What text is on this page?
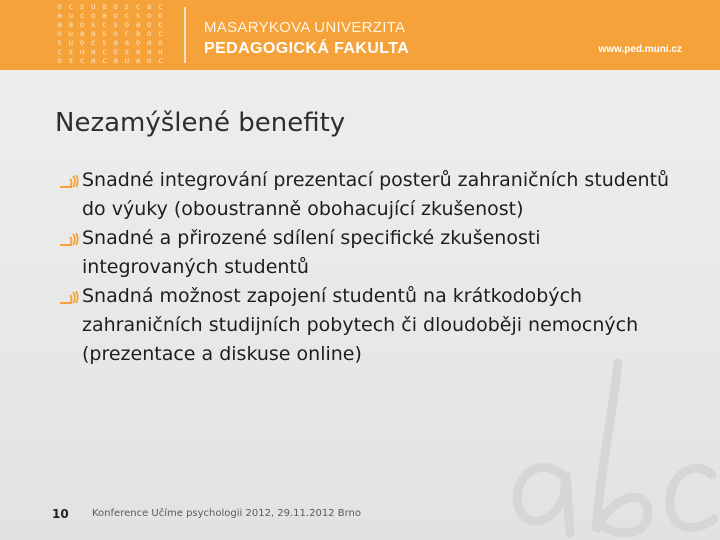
o c s u a o s c a c
a u c o a u c s o o
a a o s c s o a o c
o u a a s o c a o c
s u o c s a a o a o
c s u a c o s a a u
o s c a c a u a o c
MASARYKOVA UNIVERZITA
PEDAGOGICKÁ FAKULTA	www.ped.muni.cz
Nezamýšlené benefity
Snadné integrování prezentací posterů zahraničních studentů do výuky (oboustranně obohacující zkušenost)
Snadné a přirozené sdílení specifické zkušenosti integrovaných studentů
Snadná možnost zapojení studentů na krátkodobých zahraničních studijních pobytech či dloudoběji nemocných (prezentace a diskuse online)
10 Konference Učíme psychologii 2012, 29.11.2012 Brno
